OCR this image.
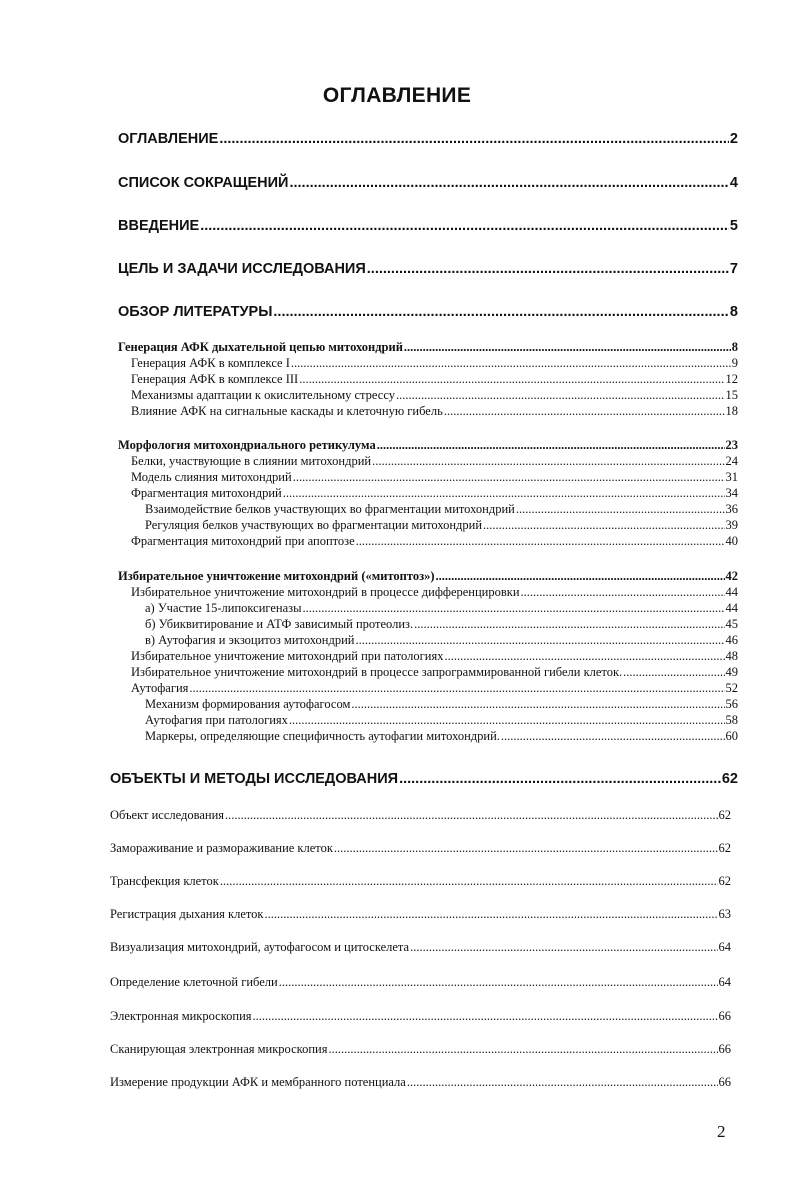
ОГЛАВЛЕНИЕ
ОГЛАВЛЕНИЕ .....	2
СПИСОК СОКРАЩЕНИЙ .....	4
ВВЕДЕНИЕ .....	5
ЦЕЛЬ И ЗАДАЧИ ИССЛЕДОВАНИЯ .....	7
ОБЗОР ЛИТЕРАТУРЫ .....	8
Генерация АФК дыхательной цепью митохондрий .....	8
Генерация АФК в комплексе I .....	9
Генерация АФК в комплексе III .....	12
Механизмы адаптации к окислительному стрессу .....	15
Влияние АФК на сигнальные каскады и клеточную гибель .....	18
Морфология митохондриального ретикулума .....	23
Белки, участвующие в слиянии митохондрий .....	24
Модель слияния митохондрий .....	31
Фрагментация митохондрий .....	34
Взаимодействие белков участвующих во фрагментации митохондрий .....	36
Регуляция белков участвующих во фрагментации митохондрий .....	39
Фрагментация митохондрий при апоптозе .....	40
Избирательное уничтожение митохондрий («митоптоз») .....	42
Избирательное уничтожение митохондрий в процессе дифференцировки .....	44
а) Участие 15-липоксигеназы .....	44
б) Убиквитирование и АТФ зависимый протеолиз. .....	45
в) Аутофагия и экзоцитоз митохондрий .....	46
Избирательное уничтожение митохондрий при патологиях .....	48
Избирательное уничтожение митохондрий в процессе запрограммированной гибели клеток. .....	49
Аутофагия .....	52
Механизм формирования аутофагосом .....	56
Аутофагия при патологиях .....	58
Маркеры, определяющие специфичность аутофагии митохондрий. .....	60
ОБЪЕКТЫ И МЕТОДЫ ИССЛЕДОВАНИЯ .....	62
Объект исследования .....	62
Замораживание и размораживание клеток .....	62
Трансфекция клеток .....	62
Регистрация дыхания клеток .....	63
Визуализация митохондрий, аутофагосом и цитоскелета .....	64
Определение клеточной гибели .....	64
Электронная микроскопия .....	66
Сканирующая электронная микроскопия .....	66
Измерение продукции АФК и мембранного потенциала .....	66
2
